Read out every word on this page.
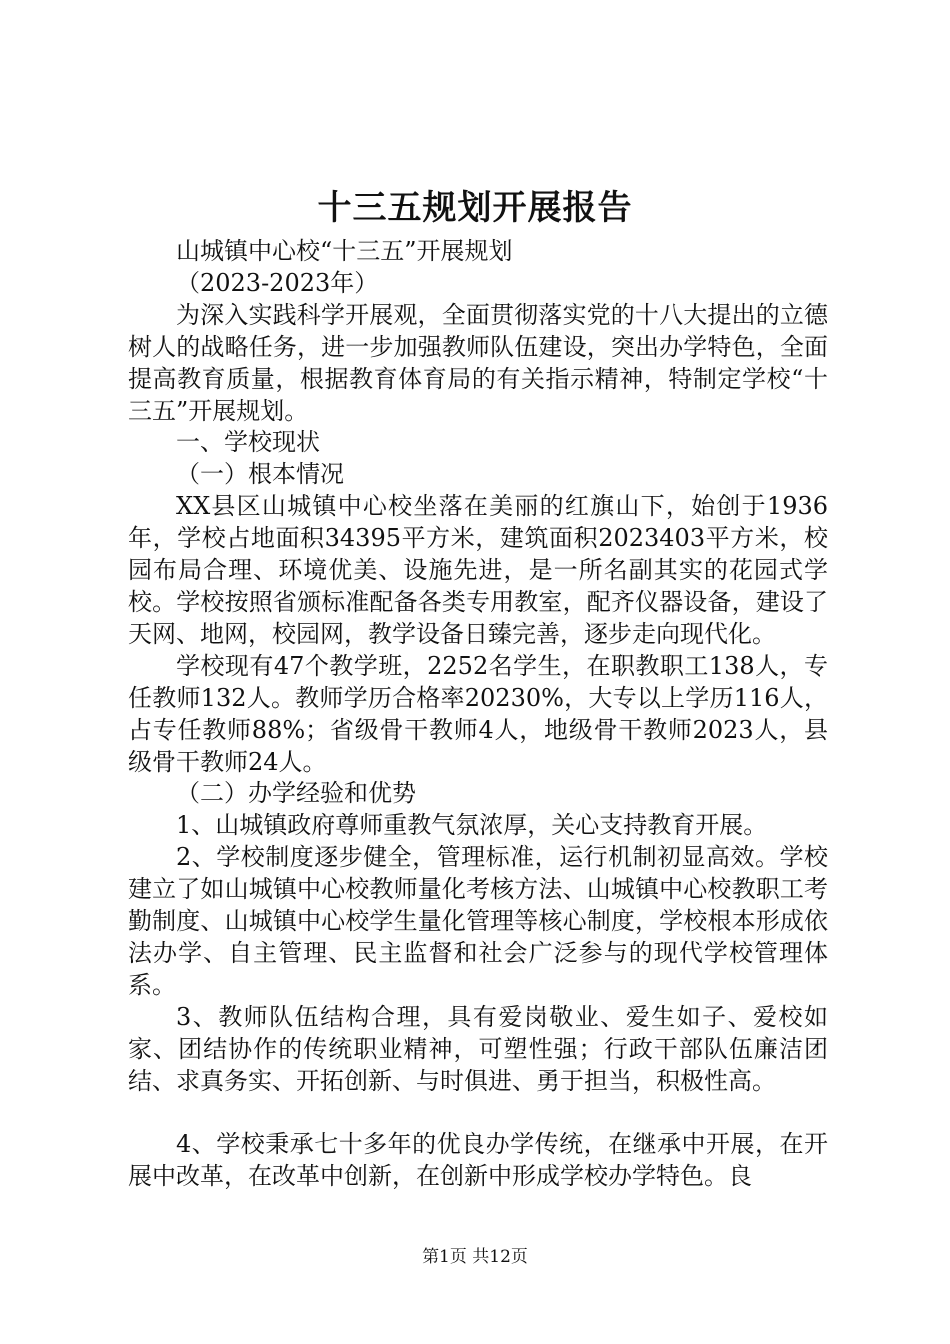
十三五规划开展报告

山城镇中心校“十三五”开展规划

（2023-2023年）

为深入实践科学开展观，全面贯彻落实党的十八大提出的立德树人的战略任务，进一步加强教师队伍建设，突出办学特色，全面提高教育质量，根据教育体育局的有关指示精神，特制定学校“十三五”开展规划。

一、学校现状

（一）根本情况

XX县区山城镇中心校坐落在美丽的红旗山下，始创于1936年，学校占地面积34395平方米，建筑面积2023403平方米，校园布局合理、环境优美、设施先进，是一所名副其实的花园式学校。学校按照省颁标准配备各类专用教室，配齐仪器设备，建设了天网、地网，校园网，教学设备日臻完善，逐步走向现代化。

学校现有47个教学班，2252名学生，在职教职工138人，专任教师132人。教师学历合格率20230%，大专以上学历116人，占专任教师88%；省级骨干教师4人，地级骨干教师2023人，县级骨干教师24人。

（二）办学经验和优势

1、山城镇政府尊师重教气氛浓厚，关心支持教育开展。

2、学校制度逐步健全，管理标准，运行机制初显高效。学校建立了如山城镇中心校教师量化考核方法、山城镇中心校教职工考勤制度、山城镇中心校学生量化管理等核心制度，学校根本形成依法办学、自主管理、民主监督和社会广泛参与的现代学校管理体系。

3、教师队伍结构合理，具有爱岗敬业、爱生如子、爱校如家、团结协作的传统职业精神，可塑性强；行政干部队伍廉洁团结、求真务实、开拓创新、与时俱进、勇于担当，积极性高。

4、学校秉承七十多年的优良办学传统，在继承中开展，在开展中改革，在改革中创新，在创新中形成学校办学特色。良

第1页 共12页
